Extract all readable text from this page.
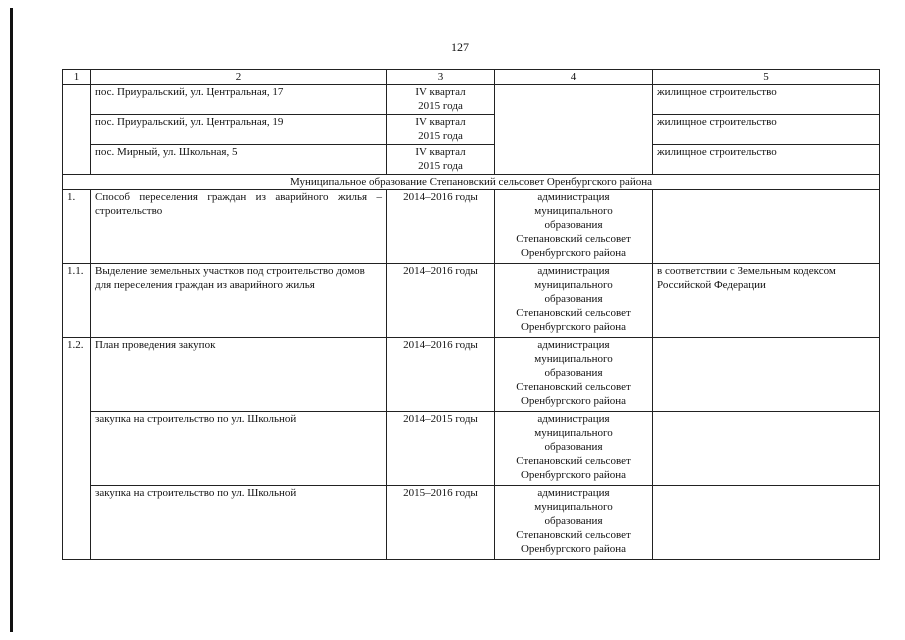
127
1	2	3	4	5
	пос. Приуральский, ул. Центральная, 17	IV квартал
2015 года		жилищное строительство
	пос. Приуральский, ул. Центральная, 19	IV квартал
2015 года		жилищное строительство
	пос. Мирный, ул. Школьная, 5	IV квартал
2015 года		жилищное строительство
Муниципальное образование Степановский сельсовет Оренбургского района				
1.	Способ переселения граждан из аварийного жилья – строительство	2014–2016 годы	администрация
муниципального
образования
Степановский сельсовет
Оренбургского района	

1.1.	Выделение земельных участков под строительство домов для переселения граждан из аварийного жилья	2014–2016 годы	администрация
муниципального
образования
Степановский сельсовет
Оренбургского района	в соответствии с Земельным кодексом Российской Федерации
1.2.	План проведения закупок	2014–2016 годы	администрация
муниципального
образования
Степановский сельсовет
Оренбургского района	

	закупка на строительство по ул. Школьной	2014–2015 годы	администрация
муниципального
образования
Степановский сельсовет
Оренбургского района	

	закупка на строительство по ул. Школьной	2015–2016 годы	администрация
муниципального
образования
Степановский сельсовет
Оренбургского района	
